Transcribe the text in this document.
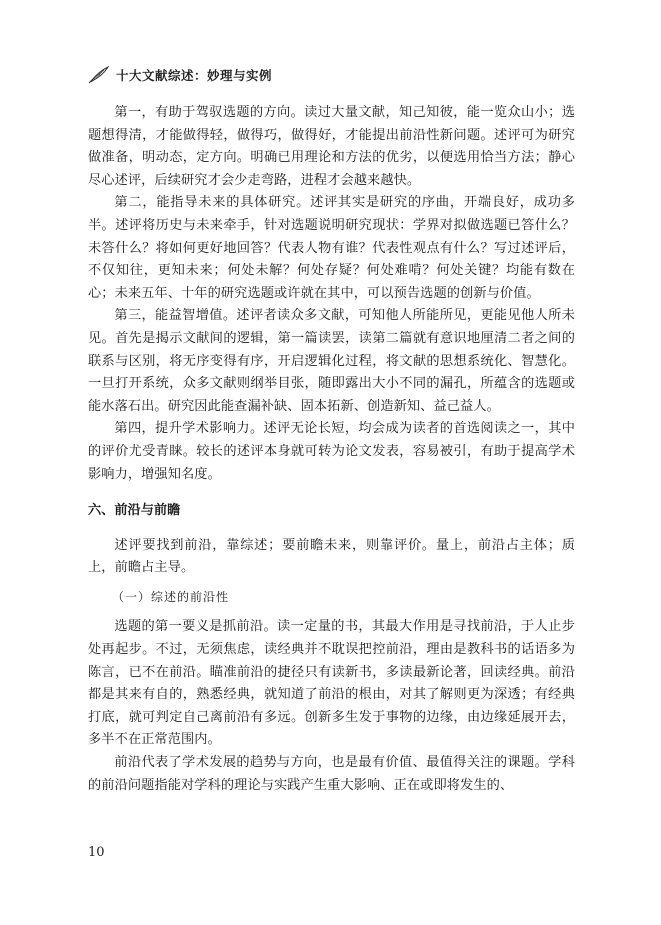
十大文献综述：妙理与实例

第一，有助于驾驭选题的方向。读过大量文献，知己知彼，能一览众山小；选题想得清，才能做得轻，做得巧，做得好，才能提出前沿性新问题。述评可为研究做准备，明动态，定方向。明确已用理论和方法的优劣，以便选用恰当方法；静心尽心述评，后续研究才会少走弯路，进程才会越来越快。

第二，能指导未来的具体研究。述评其实是研究的序曲，开端良好，成功多半。述评将历史与未来牵手，针对选题说明研究现状：学界对拟做选题已答什么？未答什么？将如何更好地回答？代表人物有谁？代表性观点有什么？写过述评后，不仅知往，更知未来；何处未解？何处存疑？何处难啃？何处关键？均能有数在心；未来五年、十年的研究选题或许就在其中，可以预告选题的创新与价值。

第三，能益智增值。述评者读众多文献，可知他人所能所见，更能见他人所未见。首先是揭示文献间的逻辑，第一篇读罢，读第二篇就有意识地厘清二者之间的联系与区别，将无序变得有序，开启逻辑化过程，将文献的思想系统化、智慧化。一旦打开系统，众多文献则纲举目张，随即露出大小不同的漏孔，所蕴含的选题或能水落石出。研究因此能查漏补缺、固本拓新、创造新知、益己益人。

第四，提升学术影响力。述评无论长短，均会成为读者的首选阅读之一，其中的评价尤受青睐。较长的述评本身就可转为论文发表，容易被引，有助于提高学术影响力，增强知名度。

六、前沿与前瞻

述评要找到前沿，靠综述；要前瞻未来，则靠评价。量上，前沿占主体；质上，前瞻占主导。

（一）综述的前沿性

选题的第一要义是抓前沿。读一定量的书，其最大作用是寻找前沿，于人止步处再起步。不过，无须焦虑，读经典并不耽误把控前沿，理由是教科书的话语多为陈言，已不在前沿。瞄准前沿的捷径只有读新书，多读最新论著，回读经典。前沿都是其来有自的，熟悉经典，就知道了前沿的根由，对其了解则更为深透；有经典打底，就可判定自己离前沿有多远。创新多生发于事物的边缘，由边缘延展开去，多半不在正常范围内。

前沿代表了学术发展的趋势与方向，也是最有价值、最值得关注的课题。学科的前沿问题指能对学科的理论与实践产生重大影响、正在或即将发生的、

10
